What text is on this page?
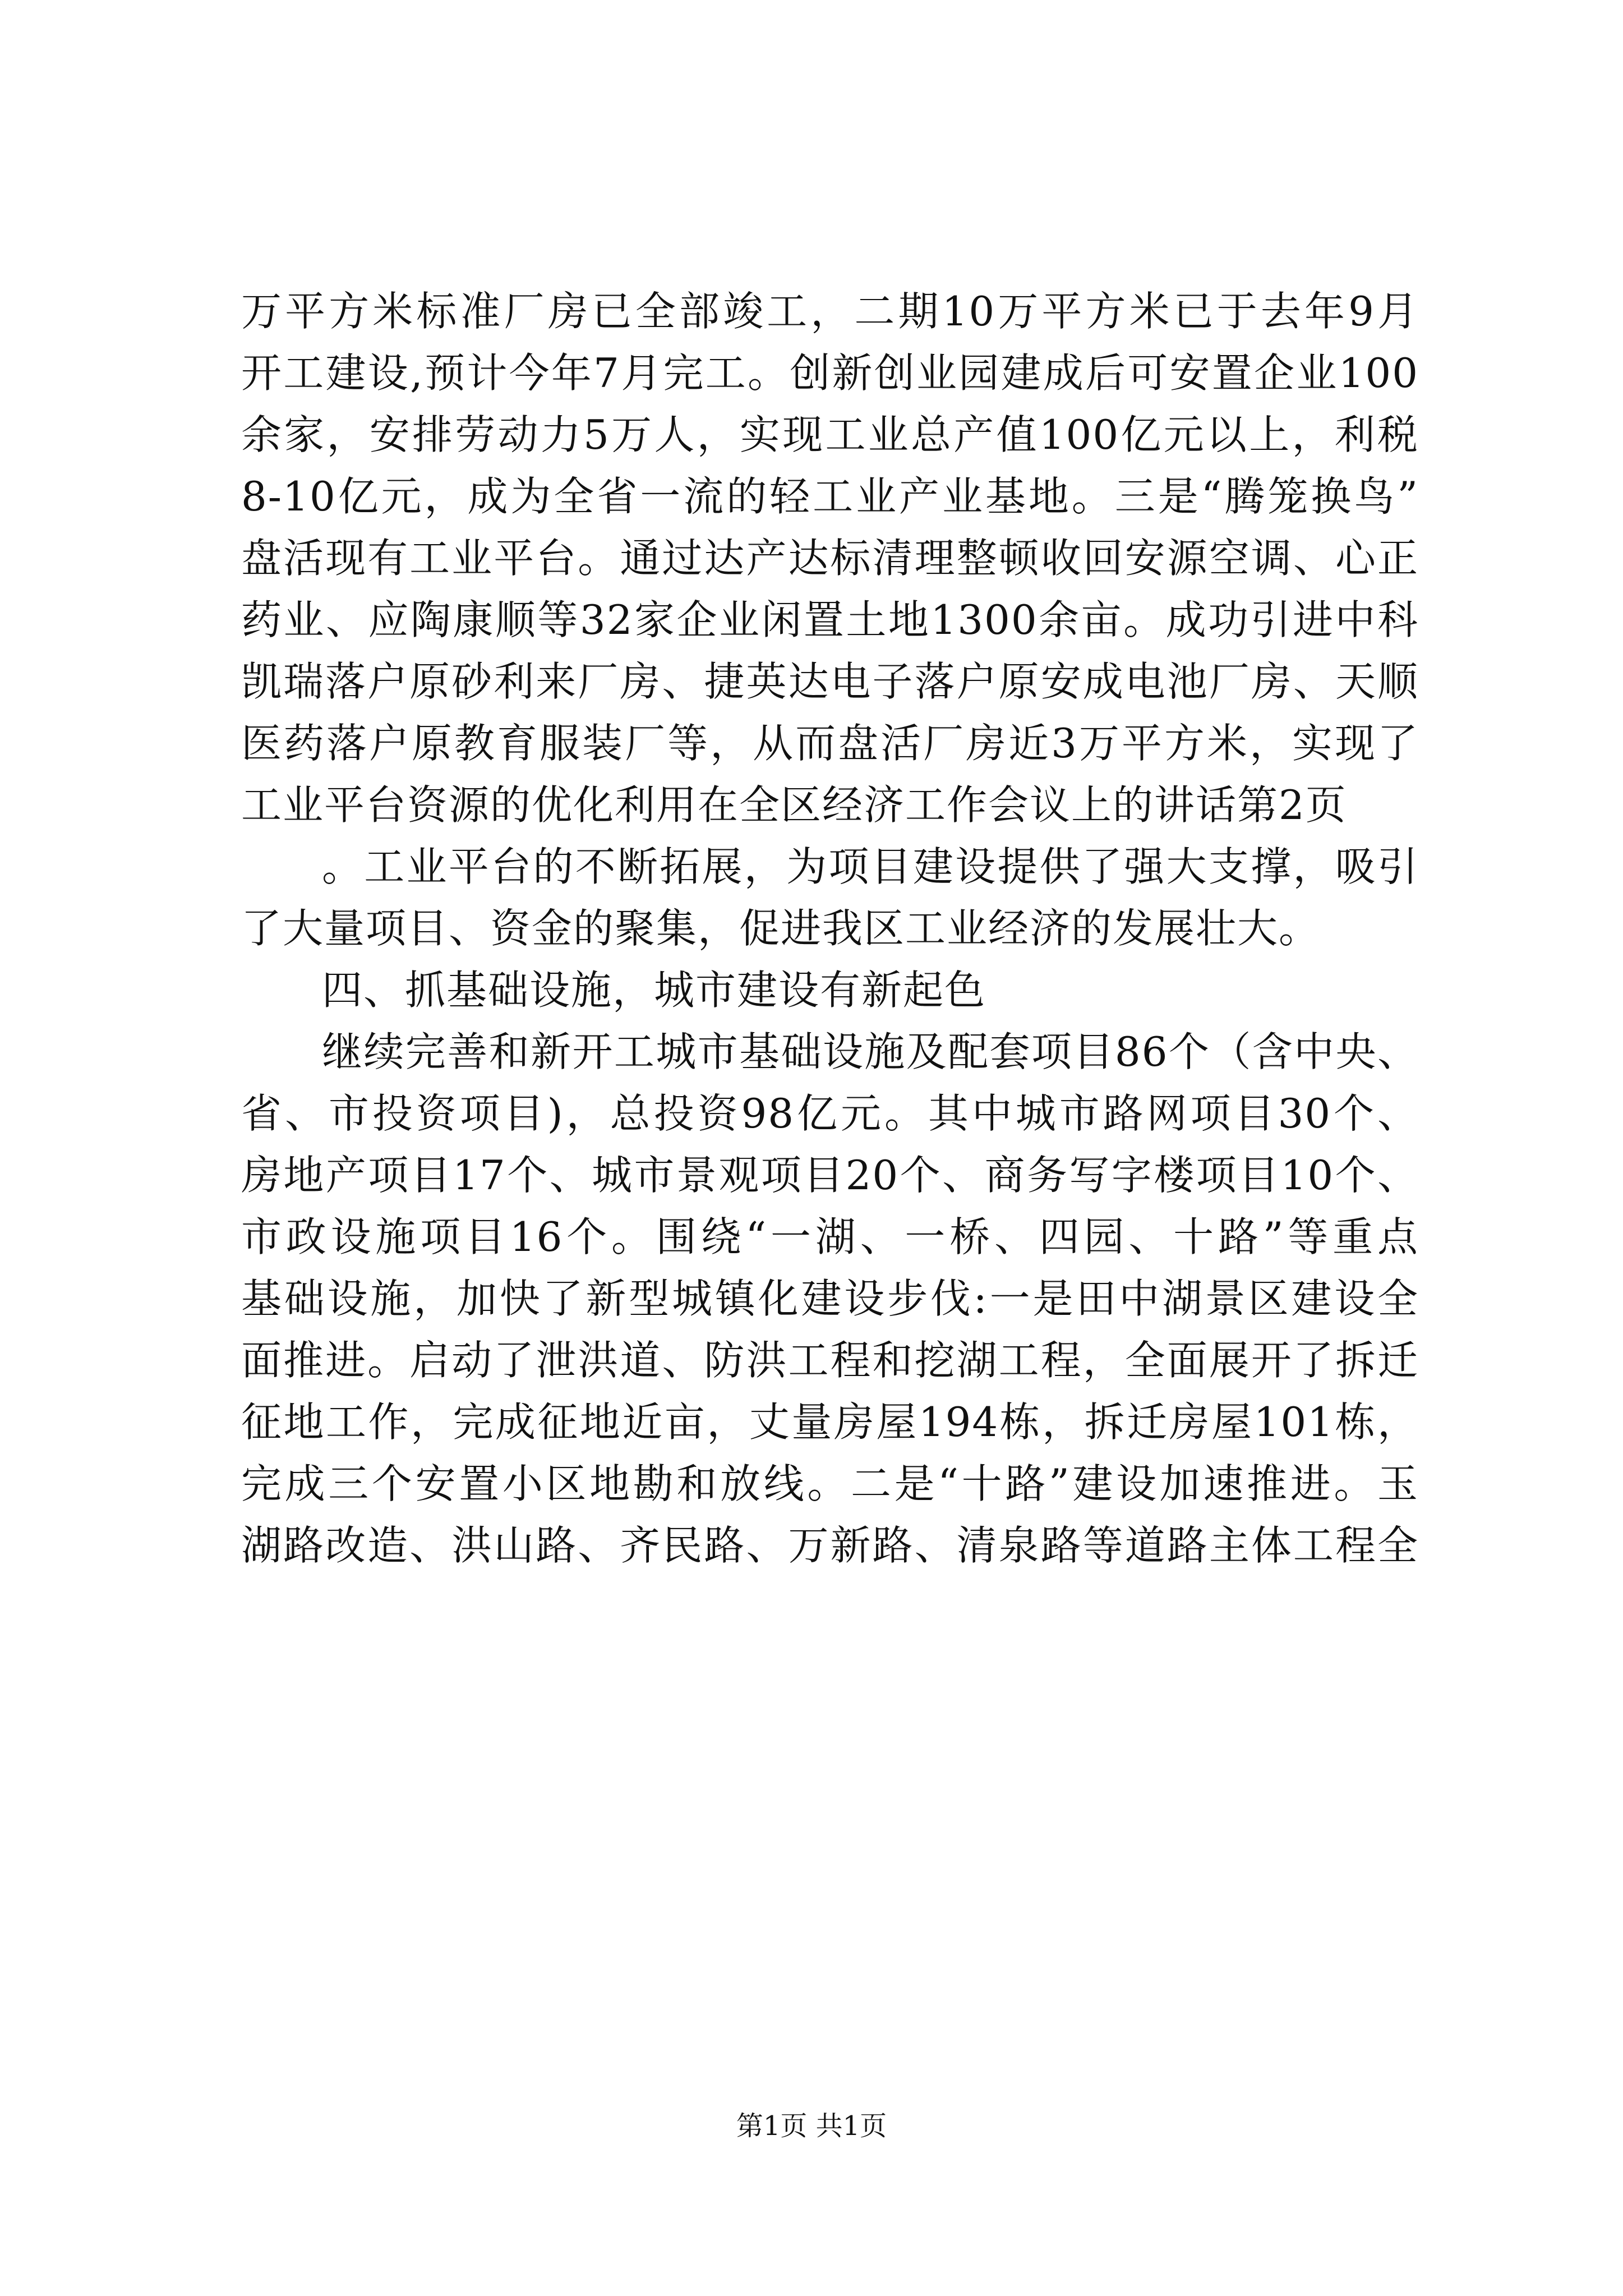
万平方米标准厂房已全部竣工，二期10万平方米已于去年9月
开工建设,预计今年7月完工。创新创业园建成后可安置企业100
余家，安排劳动力5万人，实现工业总产值100亿元以上，利税
8-10亿元，成为全省一流的轻工业产业基地。三是“腾笼换鸟”
盘活现有工业平台。通过达产达标清理整顿收回安源空调、心正
药业、应陶康顺等32家企业闲置土地1300余亩。成功引进中科
凯瑞落户原砂利来厂房、捷英达电子落户原安成电池厂房、天顺
医药落户原教育服装厂等，从而盘活厂房近3万平方米，实现了
工业平台资源的优化利用在全区经济工作会议上的讲话第2页
。工业平台的不断拓展，为项目建设提供了强大支撑，吸引
了大量项目、资金的聚集，促进我区工业经济的发展壮大。
四、抓基础设施，城市建设有新起色
继续完善和新开工城市基础设施及配套项目86个（含中央、
省、市投资项目)，总投资98亿元。其中城市路网项目30个、
房地产项目17个、城市景观项目20个、商务写字楼项目10个、
市政设施项目16个。围绕“一湖、一桥、四园、十路”等重点
基础设施，加快了新型城镇化建设步伐:一是田中湖景区建设全
面推进。启动了泄洪道、防洪工程和挖湖工程，全面展开了拆迁
征地工作，完成征地近亩，丈量房屋194栋，拆迁房屋101栋，
完成三个安置小区地勘和放线。二是“十路”建设加速推进。玉
湖路改造、洪山路、齐民路、万新路、清泉路等道路主体工程全
第1页 共1页
